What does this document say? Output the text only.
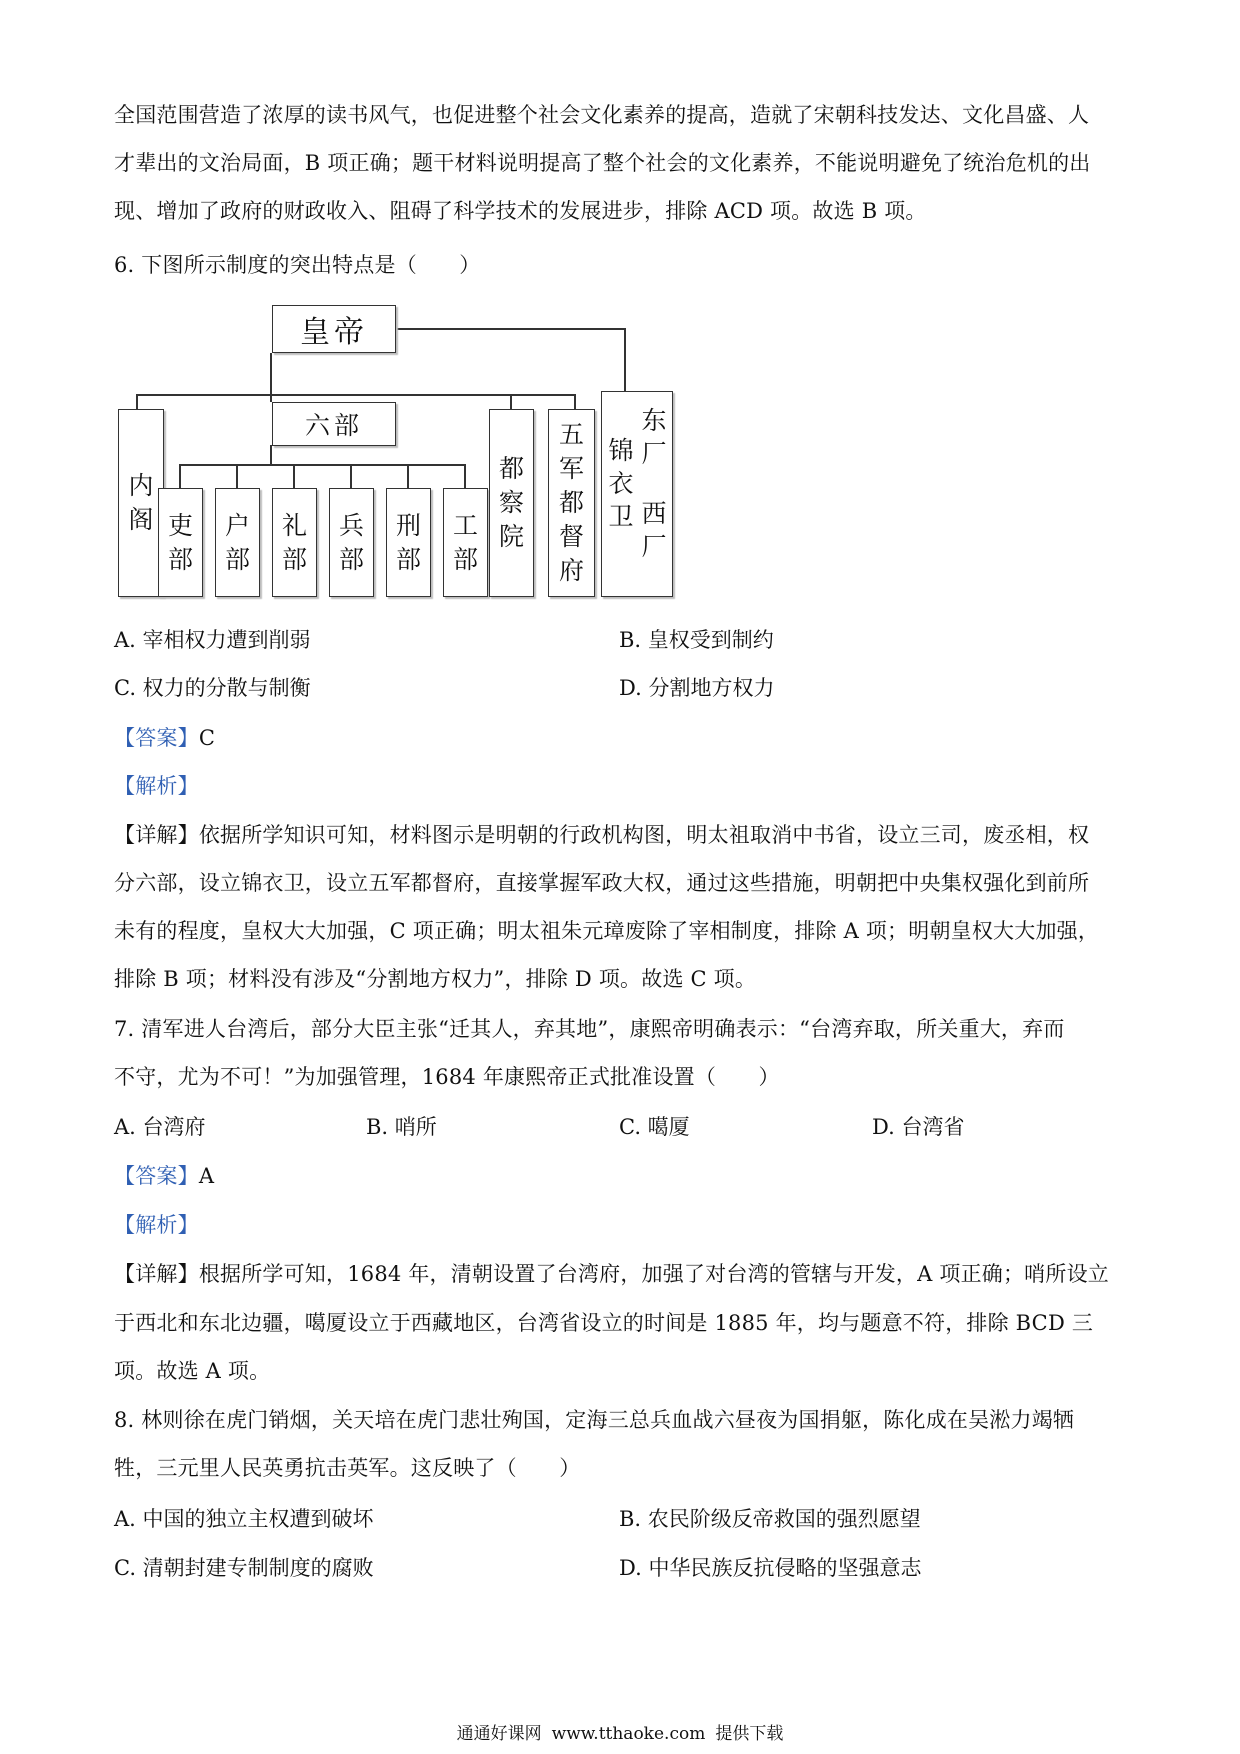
全国范围营造了浓厚的读书风气，也促进整个社会文化素养的提高，造就了宋朝科技发达、文化昌盛、人
才辈出的文治局面，B 项正确；题干材料说明提高了整个社会的文化素养，不能说明避免了统治危机的出
现、增加了政府的财政收入、阻碍了科学技术的发展进步，排除 ACD 项。故选 B 项。
6. 下图所示制度的突出特点是（　　）
皇帝
六部
内
阁 吏
部
户
部
礼
部
兵
部
刑
部
工
部
都
察
院
五
军
都
督
府
东
厂
锦
衣
卫 西
厂
A. 宰相权力遭到削弱	B. 皇权受到制约
C. 权力的分散与制衡	D. 分割地方权力
【答案】C
【解析】
【详解】依据所学知识可知，材料图示是明朝的行政机构图，明太祖取消中书省，设立三司，废丞相，权
分六部，设立锦衣卫，设立五军都督府，直接掌握军政大权，通过这些措施，明朝把中央集权强化到前所
未有的程度，皇权大大加强，C 项正确；明太祖朱元璋废除了宰相制度，排除 A 项；明朝皇权大大加强，
排除 B 项；材料没有涉及“分割地方权力”，排除 D 项。故选 C 项。
7. 清军进人台湾后，部分大臣主张“迁其人，弃其地”，康熙帝明确表示：“台湾弃取，所关重大，弃而
不守，尤为不可！”为加强管理，1684 年康熙帝正式批准设置（　　）
A. 台湾府	B. 哨所	C. 噶厦	D. 台湾省
【答案】A
【解析】
【详解】根据所学可知，1684 年，清朝设置了台湾府，加强了对台湾的管辖与开发，A 项正确；哨所设立
于西北和东北边疆，噶厦设立于西藏地区，台湾省设立的时间是 1885 年，均与题意不符，排除 BCD 三
项。故选 A 项。
8. 林则徐在虎门销烟，关天培在虎门悲壮殉国，定海三总兵血战六昼夜为国捐躯，陈化成在吴淞力竭牺
牲，三元里人民英勇抗击英军。这反映了（　　）
A. 中国的独立主权遭到破坏	B. 农民阶级反帝救国的强烈愿望
C. 清朝封建专制制度的腐败	D. 中华民族反抗侵略的坚强意志
通通好课网 www.tthaoke.com 提供下载
